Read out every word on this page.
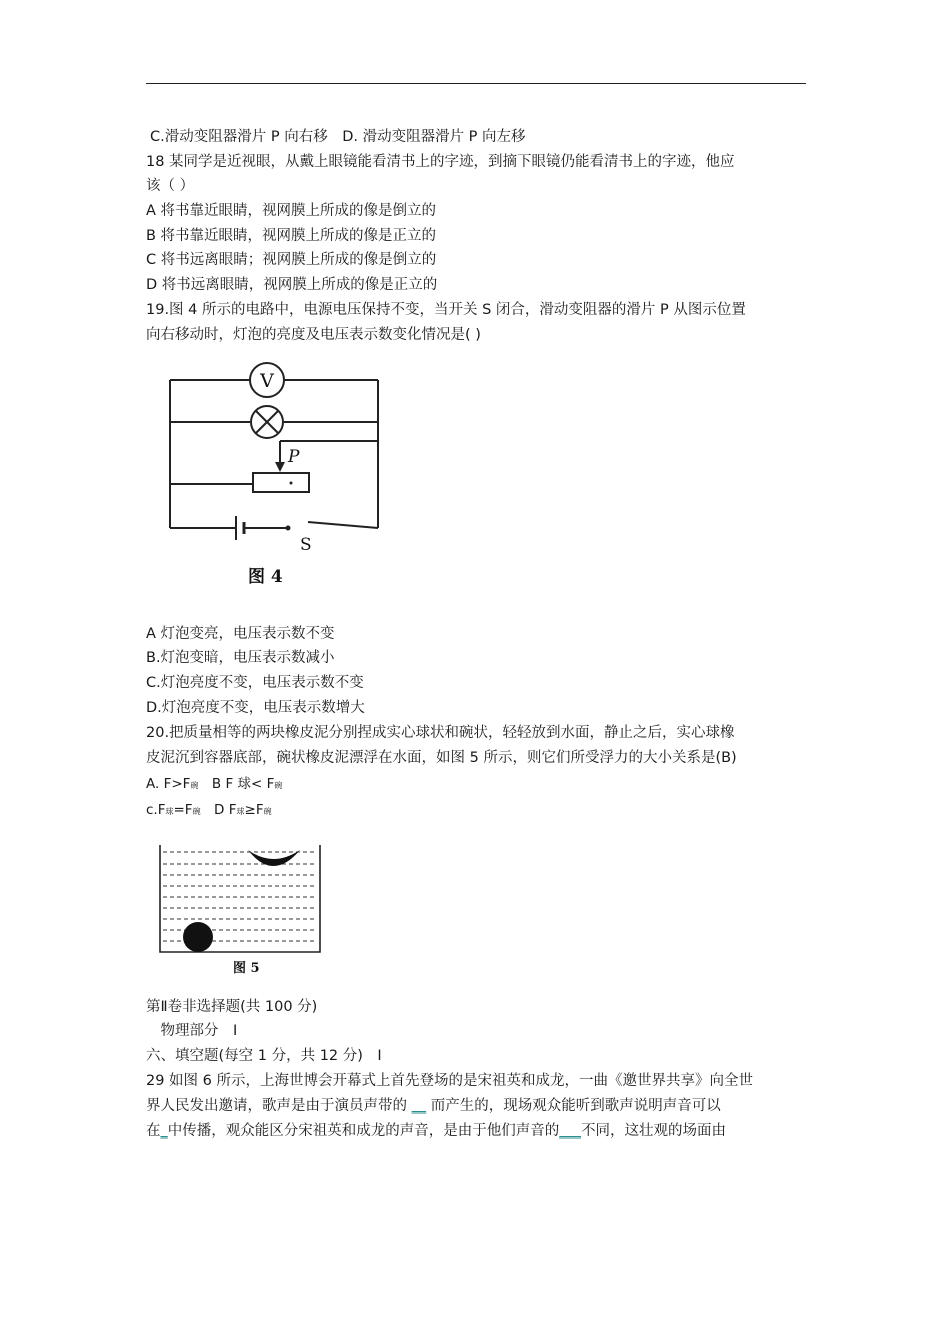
C.滑动变阻器滑片 P 向右移　D. 滑动变阻器滑片 P 向左移
18 某同学是近视眼，从戴上眼镜能看清书上的字迹，到摘下眼镜仍能看清书上的字迹，他应
该（ ）
A 将书靠近眼睛，视网膜上所成的像是倒立的
B 将书靠近眼睛，视网膜上所成的像是正立的
C 将书远离眼睛；视网膜上所成的像是倒立的
D 将书远离眼睛，视网膜上所成的像是正立的
19.图 4 所示的电路中，电源电压保持不变，当开关 S 闭合，滑动变阻器的滑片 P 从图示位置
向右移动时，灯泡的亮度及电压表示数变化情况是( )
V
P
S
图 4
A 灯泡变亮，电压表示数不变
B.灯泡变暗，电压表示数减小
C.灯泡亮度不变，电压表示数不变
D.灯泡亮度不变，电压表示数增大
20.把质量相等的两块橡皮泥分别捏成实心球状和碗状，轻轻放到水面，静止之后，实心球橡
皮泥沉到容器底部，碗状橡皮泥漂浮在水面，如图 5 所示，则它们所受浮力的大小关系是(B)
A. F>F碗　B F 球< F碗
c.F球=F碗　D F球≥F碗
图 5
第Ⅱ卷非选择题(共 100 分)
　物理部分　I
六、填空题(每空 1 分，共 12 分)　I
29 如图 6 所示，上海世博会开幕式上首先登场的是宋祖英和成龙，一曲《邀世界共享》向全世
界人民发出邀请，歌声是由于演员声带的 __ 而产生的，现场观众能听到歌声说明声音可以
在_中传播，观众能区分宋祖英和成龙的声音，是由于他们声音的___不同，这壮观的场面由
